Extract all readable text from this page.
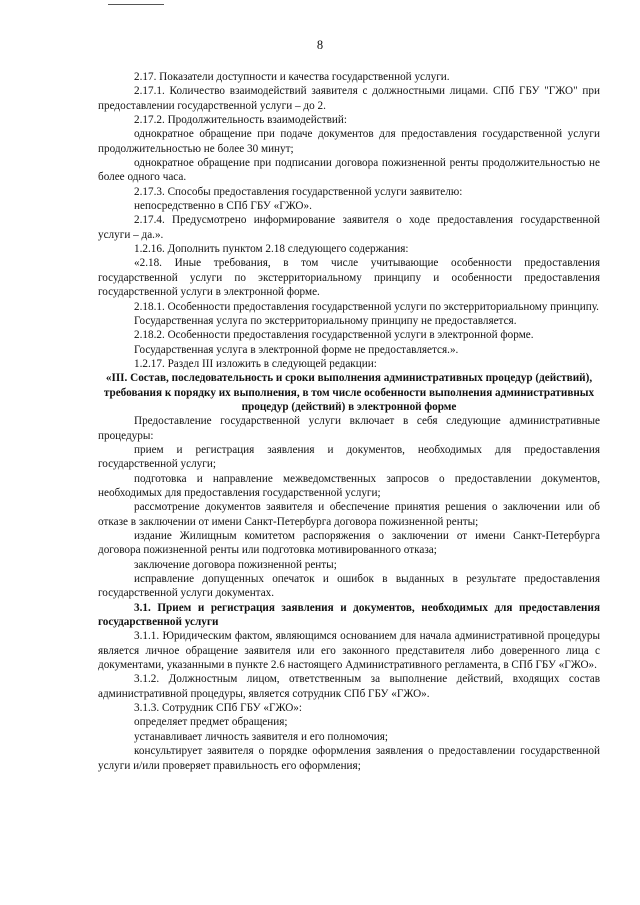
8

2.17. Показатели доступности и качества государственной услуги.

2.17.1. Количество взаимодействий заявителя с должностными лицами. СПб ГБУ "ГЖО" при предоставлении государственной услуги – до 2.

2.17.2. Продолжительность взаимодействий:

однократное обращение при подаче документов для предоставления государственной услуги продолжительностью не более 30 минут;

однократное обращение при подписании договора пожизненной ренты продолжительностью не более одного часа.

2.17.3. Способы предоставления государственной услуги заявителю:

непосредственно в СПб ГБУ «ГЖО».

2.17.4. Предусмотрено информирование заявителя о ходе предоставления государственной услуги – да.».

1.2.16. Дополнить пунктом 2.18 следующего содержания:

«2.18. Иные требования, в том числе учитывающие особенности предоставления государственной услуги по экстерриториальному принципу и особенности предоставления государственной услуги в электронной форме.

2.18.1. Особенности предоставления государственной услуги по экстерриториальному принципу.

Государственная услуга по экстерриториальному принципу не предоставляется.

2.18.2. Особенности предоставления государственной услуги в электронной форме.

Государственная услуга в электронной форме не предоставляется.».

1.2.17. Раздел III изложить в следующей редакции:

«III. Состав, последовательность и сроки выполнения административных процедур (действий), требования к порядку их выполнения, в том числе особенности выполнения административных процедур (действий) в электронной форме

Предоставление государственной услуги включает в себя следующие административные процедуры:

прием и регистрация заявления и документов, необходимых для предоставления государственной услуги;

подготовка и направление межведомственных запросов о предоставлении документов, необходимых для предоставления государственной услуги;

рассмотрение документов заявителя и обеспечение принятия решения о заключении или об отказе в заключении от имени Санкт-Петербурга договора пожизненной ренты;

издание Жилищным комитетом распоряжения о заключении от имени Санкт-Петербурга договора пожизненной ренты или подготовка мотивированного отказа;

заключение договора пожизненной ренты;

исправление допущенных опечаток и ошибок в выданных в результате предоставления государственной услуги документах.

3.1. Прием и регистрация заявления и документов, необходимых для предоставления государственной услуги

3.1.1. Юридическим фактом, являющимся основанием для начала административной процедуры является личное обращение заявителя или его законного представителя либо доверенного лица с документами, указанными в пункте 2.6 настоящего Административного регламента, в СПб ГБУ «ГЖО».

3.1.2. Должностным лицом, ответственным за выполнение действий, входящих состав административной процедуры, является сотрудник СПб ГБУ «ГЖО».

3.1.3. Сотрудник СПб ГБУ «ГЖО»:

определяет предмет обращения;

устанавливает личность заявителя и его полномочия;

консультирует заявителя о порядке оформления заявления о предоставлении государственной услуги и/или проверяет правильность его оформления;
